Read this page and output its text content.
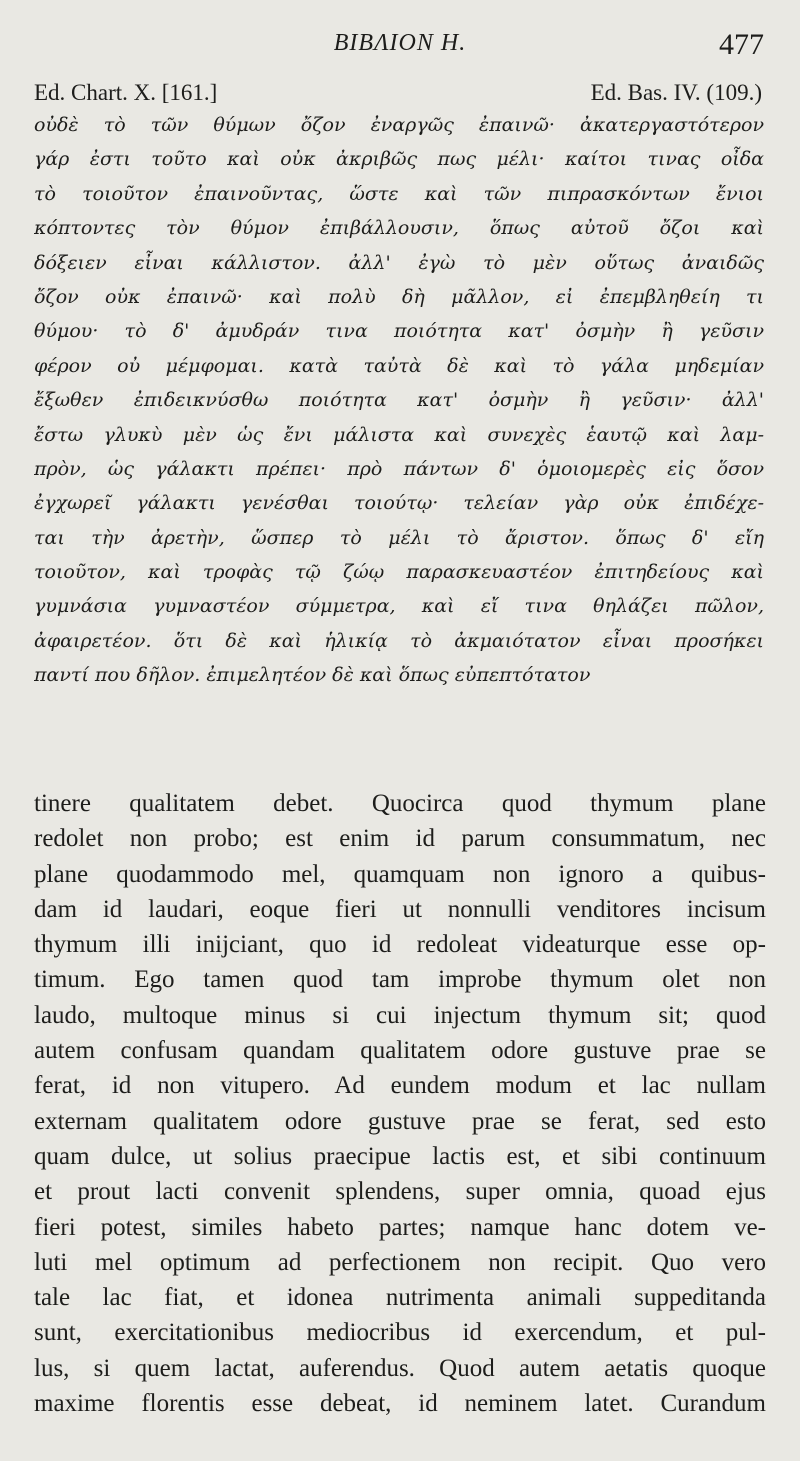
BIBΛΙΟΝ Η.	477
Ed. Chart. X. [161.]	Ed. Bas. IV. (109.)
οὐδὲ τὸ τῶν θύμων ὄζον ἐναργῶς ἐπαινῶ· ἀκατεργαστότερον
γάρ ἐστι τοῦτο καὶ οὐκ ἀκριβῶς πως μέλι· καίτοι τινας οἶδα
τὸ τοιοῦτον ἐπαινοῦντας, ὥστε καὶ τῶν πιπρασκόντων ἔνιοι
κόπτοντες τὸν θύμον ἐπιβάλλουσιν, ὅπως αὐτοῦ ὄζοι καὶ
δόξειεν εἶναι κάλλιστον. ἀλλ' ἐγὼ τὸ μὲν οὕτως ἀναιδῶς
ὄζον οὐκ ἐπαινῶ· καὶ πολὺ δὴ μᾶλλον, εἰ ἐπεμβληθείη τι
θύμου· τὸ δ' ἀμυδράν τινα ποιότητα κατ' ὀσμὴν ἢ γεῦσιν
φέρον οὐ μέμφομαι. κατὰ ταὐτὰ δὲ καὶ τὸ γάλα μηδεμίαν
ἔξωθεν ἐπιδεικνύσθω ποιότητα κατ' ὀσμὴν ἢ γεῦσιν· ἀλλ'
ἔστω γλυκὺ μὲν ὡς ἔνι μάλιστα καὶ συνεχὲς ἑαυτῷ καὶ λαμ-
πρὸν, ὡς γάλακτι πρέπει· πρὸ πάντων δ' ὁμοιομερὲς εἰς ὅσον
ἐγχωρεῖ γάλακτι γενέσθαι τοιούτῳ· τελείαν γὰρ οὐκ ἐπιδέχε-
ται τὴν ἀρετὴν, ὥσπερ τὸ μέλι τὸ ἄριστον. ὅπως δ' εἴη
τοιοῦτον, καὶ τροφὰς τῷ ζώῳ παρασκευαστέον ἐπιτηδείους καὶ
γυμνάσια γυμναστέον σύμμετρα, καὶ εἴ τινα θηλάζει πῶλον,
ἀφαιρετέον. ὅτι δὲ καὶ ἡλικίᾳ τὸ ἀκμαιότατον εἶναι προσήκει
παντί που δῆλον. ἐπιμελητέον δὲ καὶ ὅπως εὐπεπτότατον
tinere qualitatem debet. Quocirca quod thymum plane
redolet non probo; est enim id parum consummatum, nec
plane quodammodo mel, quamquam non ignoro a quibus-
dam id laudari, eoque fieri ut nonnulli venditores incisum
thymum illi inijciant, quo id redoleat videaturque esse op-
timum. Ego tamen quod tam improbe thymum olet non
laudo, multoque minus si cui injectum thymum sit; quod
autem confusam quandam qualitatem odore gustuve prae se
ferat, id non vitupero. Ad eundem modum et lac nullam
externam qualitatem odore gustuve prae se ferat, sed esto
quam dulce, ut solius praecipue lactis est, et sibi continuum
et prout lacti convenit splendens, super omnia, quoad ejus
fieri potest, similes habeto partes; namque hanc dotem ve-
luti mel optimum ad perfectionem non recipit. Quo vero
tale lac fiat, et idonea nutrimenta animali suppeditanda
sunt, exercitationibus mediocribus id exercendum, et pul-
lus, si quem lactat, auferendus. Quod autem aetatis quoque
maxime florentis esse debeat, id neminem latet. Curandum
